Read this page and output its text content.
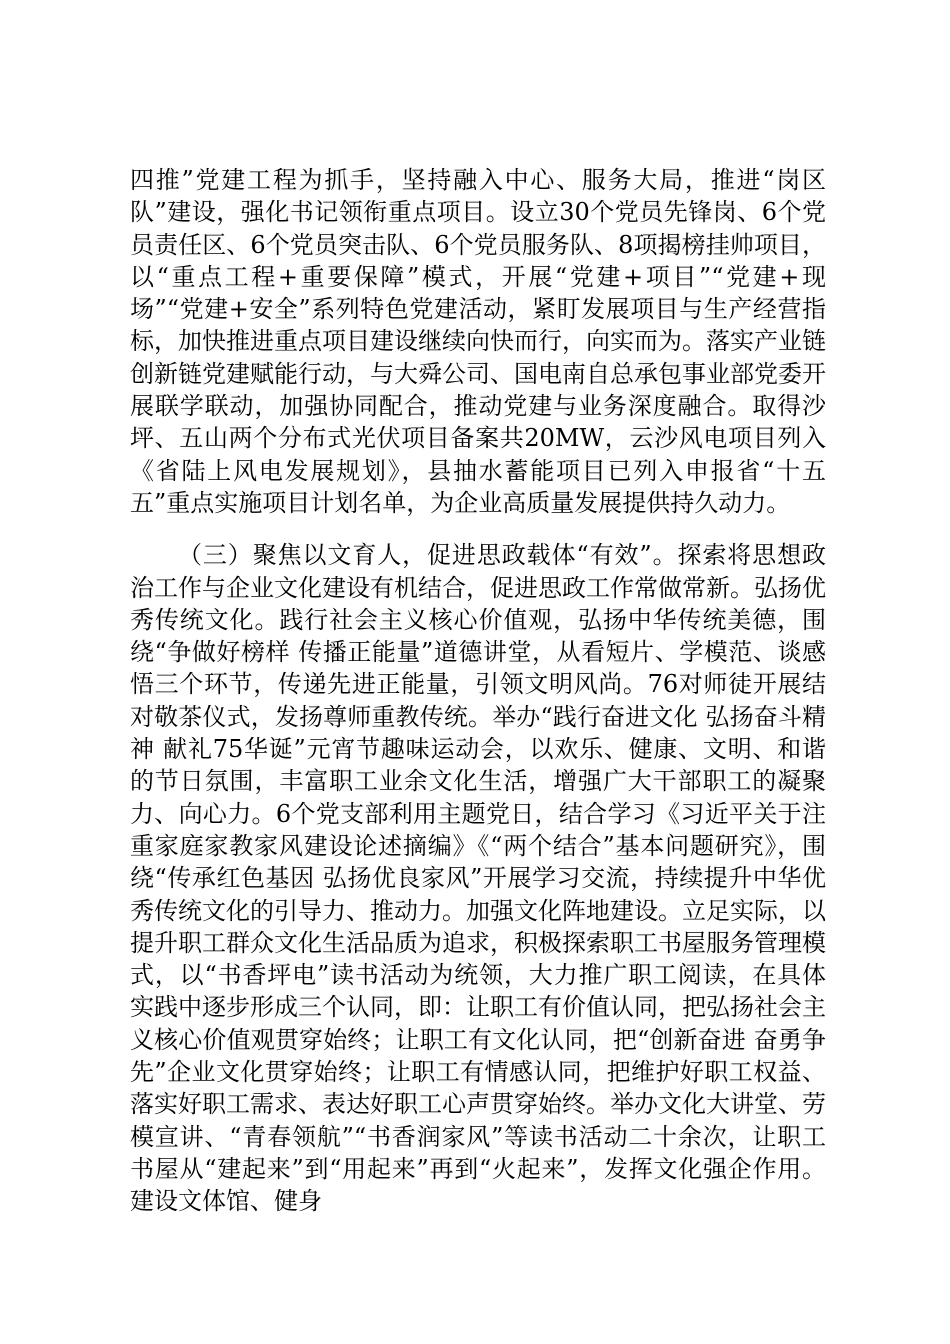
四推”党建工程为抓手，坚持融入中心、服务大局，推进“岗区队”建设，强化书记领衔重点项目。设立30个党员先锋岗、6个党员责任区、6个党员突击队、6个党员服务队、8项揭榜挂帅项目，以“重点工程+重要保障”模式，开展“党建+项目”“党建+现场”“党建+安全”系列特色党建活动，紧盯发展项目与生产经营指标，加快推进重点项目建设继续向快而行，向实而为。落实产业链创新链党建赋能行动，与大舜公司、国电南自总承包事业部党委开展联学联动，加强协同配合，推动党建与业务深度融合。取得沙坪、五山两个分布式光伏项目备案共20MW，云沙风电项目列入《省陆上风电发展规划》，县抽水蓄能项目已列入申报省“十五五”重点实施项目计划名单，为企业高质量发展提供持久动力。

（三）聚焦以文育人，促进思政载体“有效”。探索将思想政治工作与企业文化建设有机结合，促进思政工作常做常新。弘扬优秀传统文化。践行社会主义核心价值观，弘扬中华传统美德，围绕“争做好榜样 传播正能量”道德讲堂，从看短片、学模范、谈感悟三个环节，传递先进正能量，引领文明风尚。76对师徒开展结对敬茶仪式，发扬尊师重教传统。举办“践行奋进文化 弘扬奋斗精神 献礼75华诞”元宵节趣味运动会，以欢乐、健康、文明、和谐的节日氛围，丰富职工业余文化生活，增强广大干部职工的凝聚力、向心力。6个党支部利用主题党日，结合学习《习近平关于注重家庭家教家风建设论述摘编》《“两个结合”基本问题研究》，围绕“传承红色基因 弘扬优良家风”开展学习交流，持续提升中华优秀传统文化的引导力、推动力。加强文化阵地建设。立足实际，以提升职工群众文化生活品质为追求，积极探索职工书屋服务管理模式，以“书香坪电”读书活动为统领，大力推广职工阅读，在具体实践中逐步形成三个认同，即：让职工有价值认同，把弘扬社会主义核心价值观贯穿始终；让职工有文化认同，把“创新奋进 奋勇争先”企业文化贯穿始终；让职工有情感认同，把维护好职工权益、落实好职工需求、表达好职工心声贯穿始终。举办文化大讲堂、劳模宣讲、“青春领航”“书香润家风”等读书活动二十余次，让职工书屋从“建起来”到“用起来”再到“火起来”，发挥文化强企作用。建设文体馆、健身
